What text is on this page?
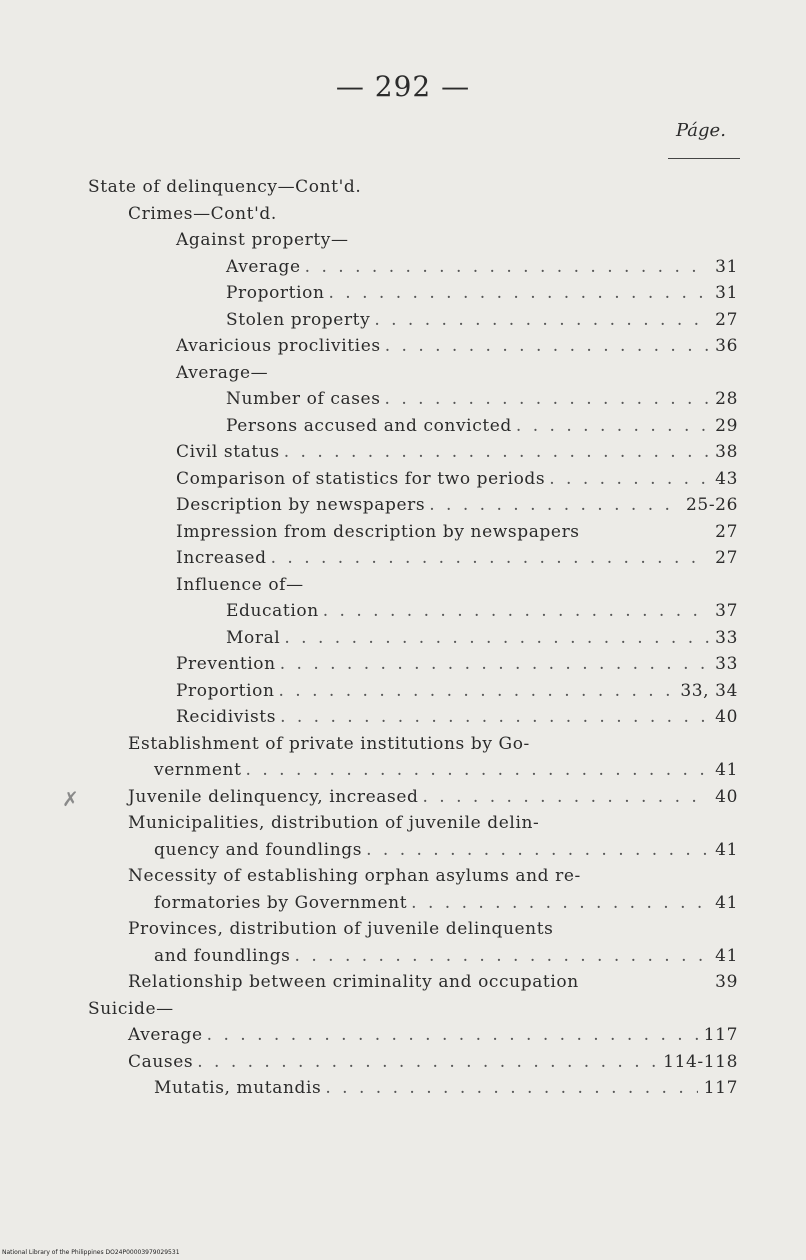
— 292 —
Páge.
State of delinquency—Cont'd.
Crimes—Cont'd.
Against property—
Average . . .	31
Proportion . . .	31
Stolen property . . .	27
Avaricious proclivities . . .	36
Average—
Number of cases . . .	28
Persons accused and convicted . . .	29
Civil status . . .	38
Comparison of statistics for two periods . . .	43
Description by newspapers . . .	25-26
Impression from description by newspapers	27
Increased . . .	27
Influence of—
Education . . .	37
Moral . . .	33
Prevention . . .	33
Proportion . . .	33, 34
Recidivists . . .	40
Establishment of private institutions by Go-
vernment . . .	41
✗	Juvenile delinquency, increased . . .	40
Municipalities, distribution of juvenile delin-
quency and foundlings . . .	41
Necessity of establishing orphan asylums and re-
formatories by Government . . .	41
Provinces, distribution of juvenile delinquents
and foundlings . . .	41
Relationship between criminality and occupation	39
Suicide—
Average . . .	117
Causes . . .	114-118
Mutatis, mutandis . . .	117
National Library of the Philippines DO24P00003979029531
